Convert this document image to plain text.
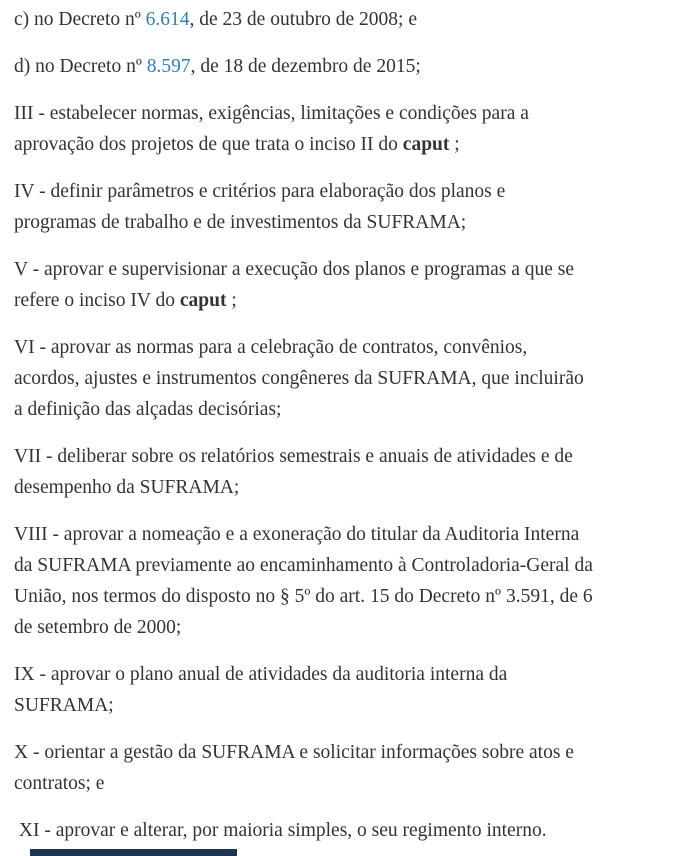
c) no Decreto nº 6.614, de 23 de outubro de 2008; e

d) no Decreto nº 8.597, de 18 de dezembro de 2015;

III - estabelecer normas, exigências, limitações e condições para a
aprovação dos projetos de que trata o inciso II do caput ;

IV - definir parâmetros e critérios para elaboração dos planos e
programas de trabalho e de investimentos da SUFRAMA;

V - aprovar e supervisionar a execução dos planos e programas a que se
refere o inciso IV do caput ;

VI - aprovar as normas para a celebração de contratos, convênios,
acordos, ajustes e instrumentos congêneres da SUFRAMA, que incluirão
a definição das alçadas decisórias;

VII - deliberar sobre os relatórios semestrais e anuais de atividades e de
desempenho da SUFRAMA;

VIII - aprovar a nomeação e a exoneração do titular da Auditoria Interna
da SUFRAMA previamente ao encaminhamento à Controladoria-Geral da
União, nos termos do disposto no § 5º do art. 15 do Decreto nº 3.591, de 6
de setembro de 2000;

IX - aprovar o plano anual de atividades da auditoria interna da
SUFRAMA;

X - orientar a gestão da SUFRAMA e solicitar informações sobre atos e
contratos; e

XI - aprovar e alterar, por maioria simples, o seu regimento interno.
